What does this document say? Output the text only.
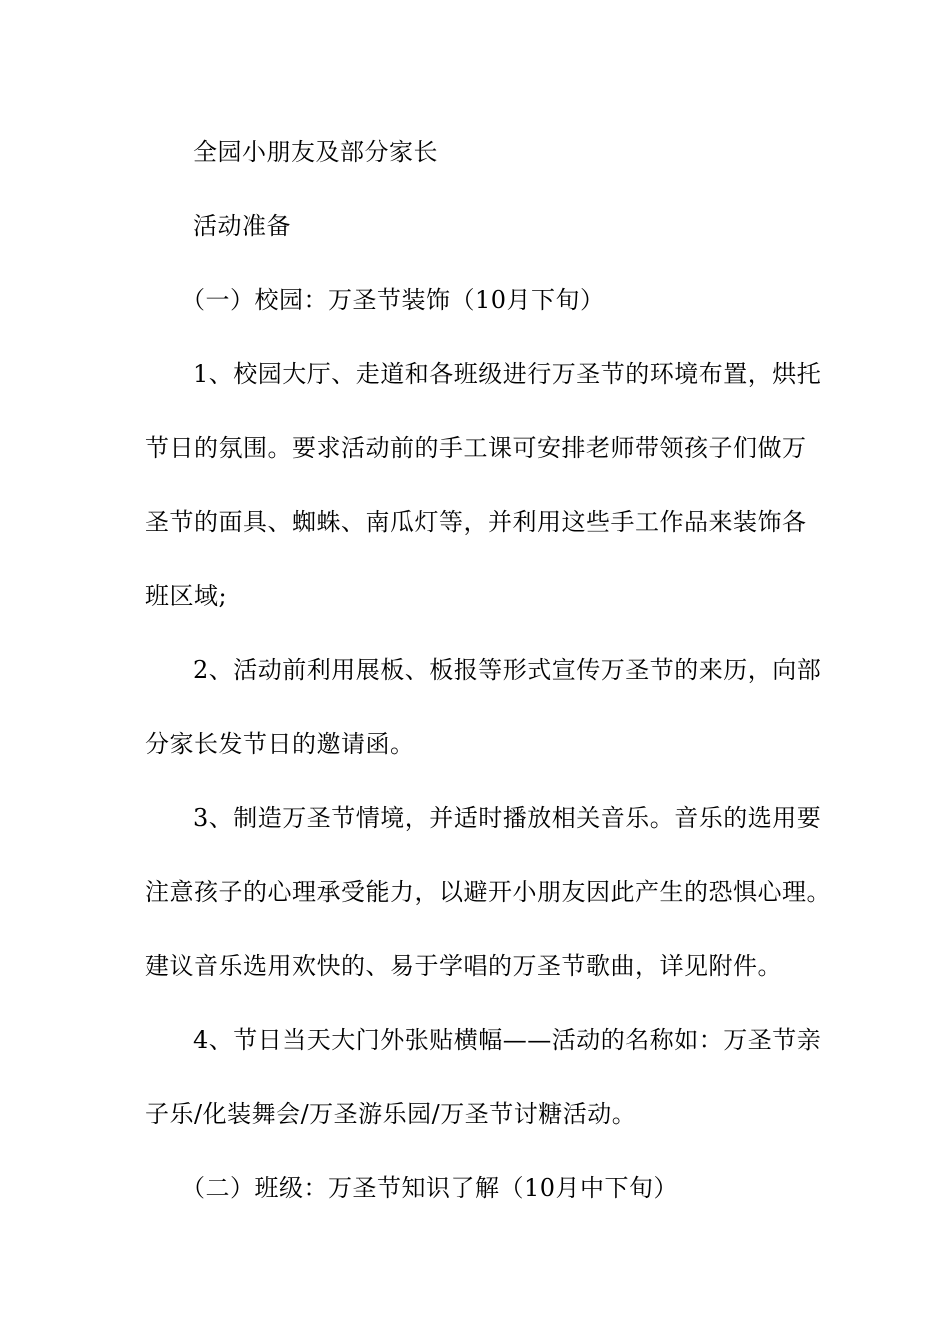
全园小朋友及部分家长
活动准备
（一）校园：万圣节装饰（10月下旬）
1、校园大厅、走道和各班级进行万圣节的环境布置，烘托
节日的氛围。要求活动前的手工课可安排老师带领孩子们做万
圣节的面具、蜘蛛、南瓜灯等，并利用这些手工作品来装饰各
班区域;
2、活动前利用展板、板报等形式宣传万圣节的来历，向部
分家长发节日的邀请函。
3、制造万圣节情境，并适时播放相关音乐。音乐的选用要
注意孩子的心理承受能力，以避开小朋友因此产生的恐惧心理。
建议音乐选用欢快的、易于学唱的万圣节歌曲，详见附件。
4、节日当天大门外张贴横幅——活动的名称如：万圣节亲
子乐/化装舞会/万圣游乐园/万圣节讨糖活动。
（二）班级：万圣节知识了解（10月中下旬）
